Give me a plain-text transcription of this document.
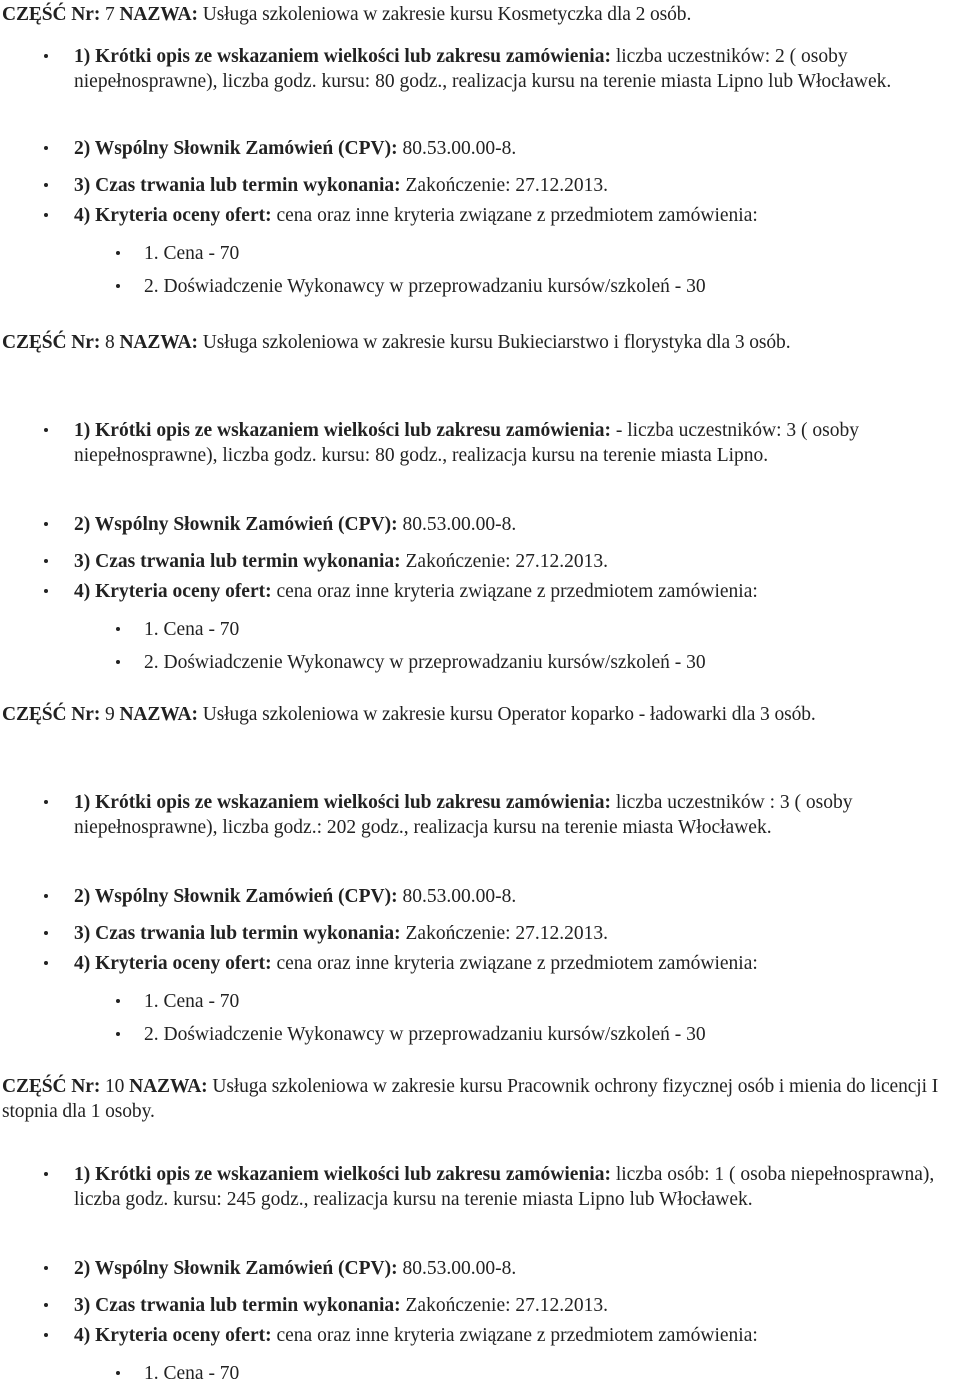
CZĘŚĆ Nr: 7 NAZWA: Usługa szkoleniowa w zakresie kursu Kosmetyczka dla 2 osób.

1) Krótki opis ze wskazaniem wielkości lub zakresu zamówienia: liczba uczestników: 2 ( osoby niepełnosprawne), liczba godz. kursu: 80 godz., realizacja kursu na terenie miasta Lipno lub Włocławek.
2) Wspólny Słownik Zamówień (CPV): 80.53.00.00-8.
3) Czas trwania lub termin wykonania: Zakończenie: 27.12.2013.
4) Kryteria oceny ofert: cena oraz inne kryteria związane z przedmiotem zamówienia:
1. Cena - 70
2. Doświadczenie Wykonawcy w przeprowadzaniu kursów/szkoleń - 30

CZĘŚĆ Nr: 8 NAZWA: Usługa szkoleniowa w zakresie kursu Bukieciarstwo i florystyka dla 3 osób.

1) Krótki opis ze wskazaniem wielkości lub zakresu zamówienia: - liczba uczestników: 3 ( osoby niepełnosprawne), liczba godz. kursu: 80 godz., realizacja kursu na terenie miasta Lipno.
2) Wspólny Słownik Zamówień (CPV): 80.53.00.00-8.
3) Czas trwania lub termin wykonania: Zakończenie: 27.12.2013.
4) Kryteria oceny ofert: cena oraz inne kryteria związane z przedmiotem zamówienia:
1. Cena - 70
2. Doświadczenie Wykonawcy w przeprowadzaniu kursów/szkoleń - 30

CZĘŚĆ Nr: 9 NAZWA: Usługa szkoleniowa w zakresie kursu Operator koparko - ładowarki dla 3 osób.

1) Krótki opis ze wskazaniem wielkości lub zakresu zamówienia: liczba uczestników : 3 ( osoby niepełnosprawne), liczba godz.: 202 godz., realizacja kursu na terenie miasta Włocławek.
2) Wspólny Słownik Zamówień (CPV): 80.53.00.00-8.
3) Czas trwania lub termin wykonania: Zakończenie: 27.12.2013.
4) Kryteria oceny ofert: cena oraz inne kryteria związane z przedmiotem zamówienia:
1. Cena - 70
2. Doświadczenie Wykonawcy w przeprowadzaniu kursów/szkoleń - 30

CZĘŚĆ Nr: 10 NAZWA: Usługa szkoleniowa w zakresie kursu Pracownik ochrony fizycznej osób i mienia do licencji I stopnia dla 1 osoby.

1) Krótki opis ze wskazaniem wielkości lub zakresu zamówienia: liczba osób: 1 ( osoba niepełnosprawna), liczba godz. kursu: 245 godz., realizacja kursu na terenie miasta Lipno lub Włocławek.
2) Wspólny Słownik Zamówień (CPV): 80.53.00.00-8.
3) Czas trwania lub termin wykonania: Zakończenie: 27.12.2013.
4) Kryteria oceny ofert: cena oraz inne kryteria związane z przedmiotem zamówienia:
1. Cena - 70
